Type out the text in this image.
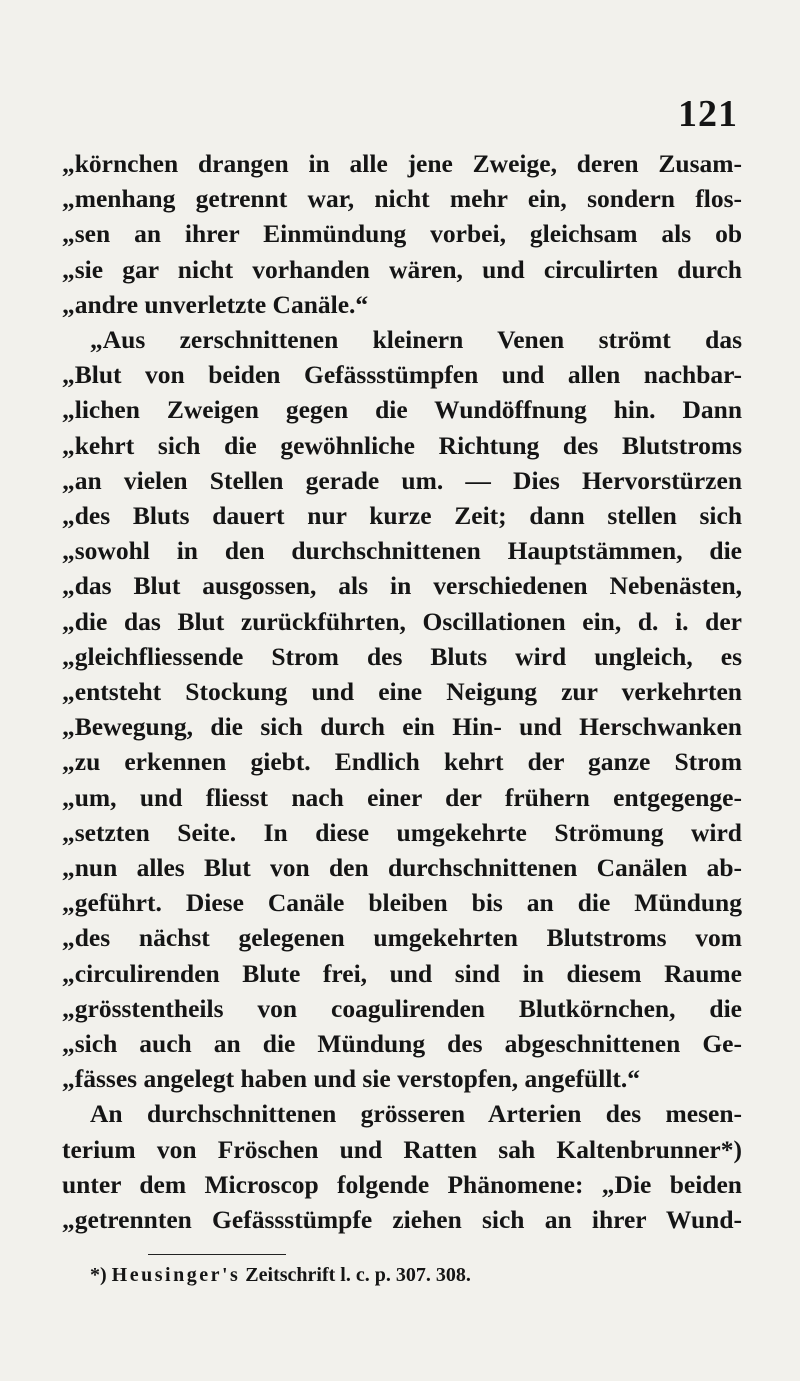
121
„körnchen drangen in alle jene Zweige, deren Zusam-
„menhang getrennt war, nicht mehr ein, sondern flos-
„sen an ihrer Einmündung vorbei, gleichsam als ob
„sie gar nicht vorhanden wären, und circulirten durch
„andre unverletzte Canäle.“
„Aus zerschnittenen kleinern Venen strömt das
„Blut von beiden Gefässstümpfen und allen nachbar-
„lichen Zweigen gegen die Wundöffnung hin. Dann
„kehrt sich die gewöhnliche Richtung des Blutstroms
„an vielen Stellen gerade um. — Dies Hervorstürzen
„des Bluts dauert nur kurze Zeit; dann stellen sich
„sowohl in den durchschnittenen Hauptstämmen, die
„das Blut ausgossen, als in verschiedenen Nebenästen,
„die das Blut zurückführten, Oscillationen ein, d. i. der
„gleichfliessende Strom des Bluts wird ungleich, es
„entsteht Stockung und eine Neigung zur verkehrten
„Bewegung, die sich durch ein Hin- und Herschwanken
„zu erkennen giebt. Endlich kehrt der ganze Strom
„um, und fliesst nach einer der frühern entgegenge-
„setzten Seite. In diese umgekehrte Strömung wird
„nun alles Blut von den durchschnittenen Canälen ab-
„geführt. Diese Canäle bleiben bis an die Mündung
„des nächst gelegenen umgekehrten Blutstroms vom
„circulirenden Blute frei, und sind in diesem Raume
„grösstentheils von coagulirenden Blutkörnchen, die
„sich auch an die Mündung des abgeschnittenen Ge-
„fässes angelegt haben und sie verstopfen, angefüllt.“
An durchschnittenen grösseren Arterien des mesen-
terium von Fröschen und Ratten sah Kaltenbrunner*)
unter dem Microscop folgende Phänomene: „Die beiden
„getrennten Gefässstümpfe ziehen sich an ihrer Wund-
*) Heusinger's Zeitschrift l. c. p. 307. 308.
